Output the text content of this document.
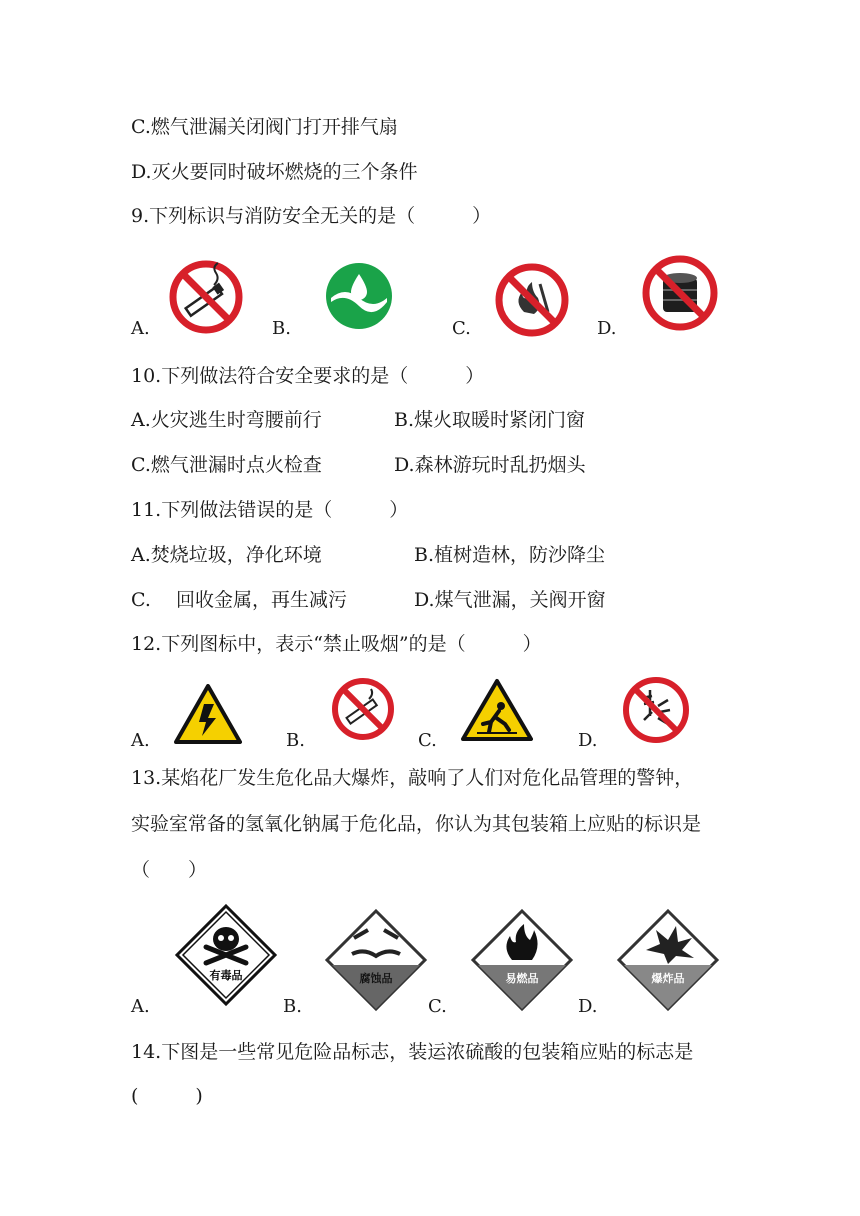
C.燃气泄漏关闭阀门打开排气扇
D.灭火要同时破坏燃烧的三个条件
9.下列标识与消防安全无关的是（　　　）
A.	B.	C.	D.
10.下列做法符合安全要求的是（　　　）
A.火灾逃生时弯腰前行	B.煤火取暖时紧闭门窗
C.燃气泄漏时点火检查	D.森林游玩时乱扔烟头
11.下列做法错误的是（　　　）
A.焚烧垃圾，净化环境	B.植树造林，防沙降尘
C.　 回收金属，再生减污	D.煤气泄漏，关阀开窗
12.下列图标中，表示“禁止吸烟”的是（　　　）
A.	B.	C.	D.
13.某焰花厂发生危化品大爆炸，敲响了人们对危化品管理的警钟，
实验室常备的氢氧化钠属于危化品，你认为其包装箱上应贴的标识是
（　　）
A.	B.	C.	D.
有毒品	腐蚀品	易燃品	爆炸品
14.下图是一些常见危险品标志，装运浓硫酸的包装箱应贴的标志是
(　　　)
